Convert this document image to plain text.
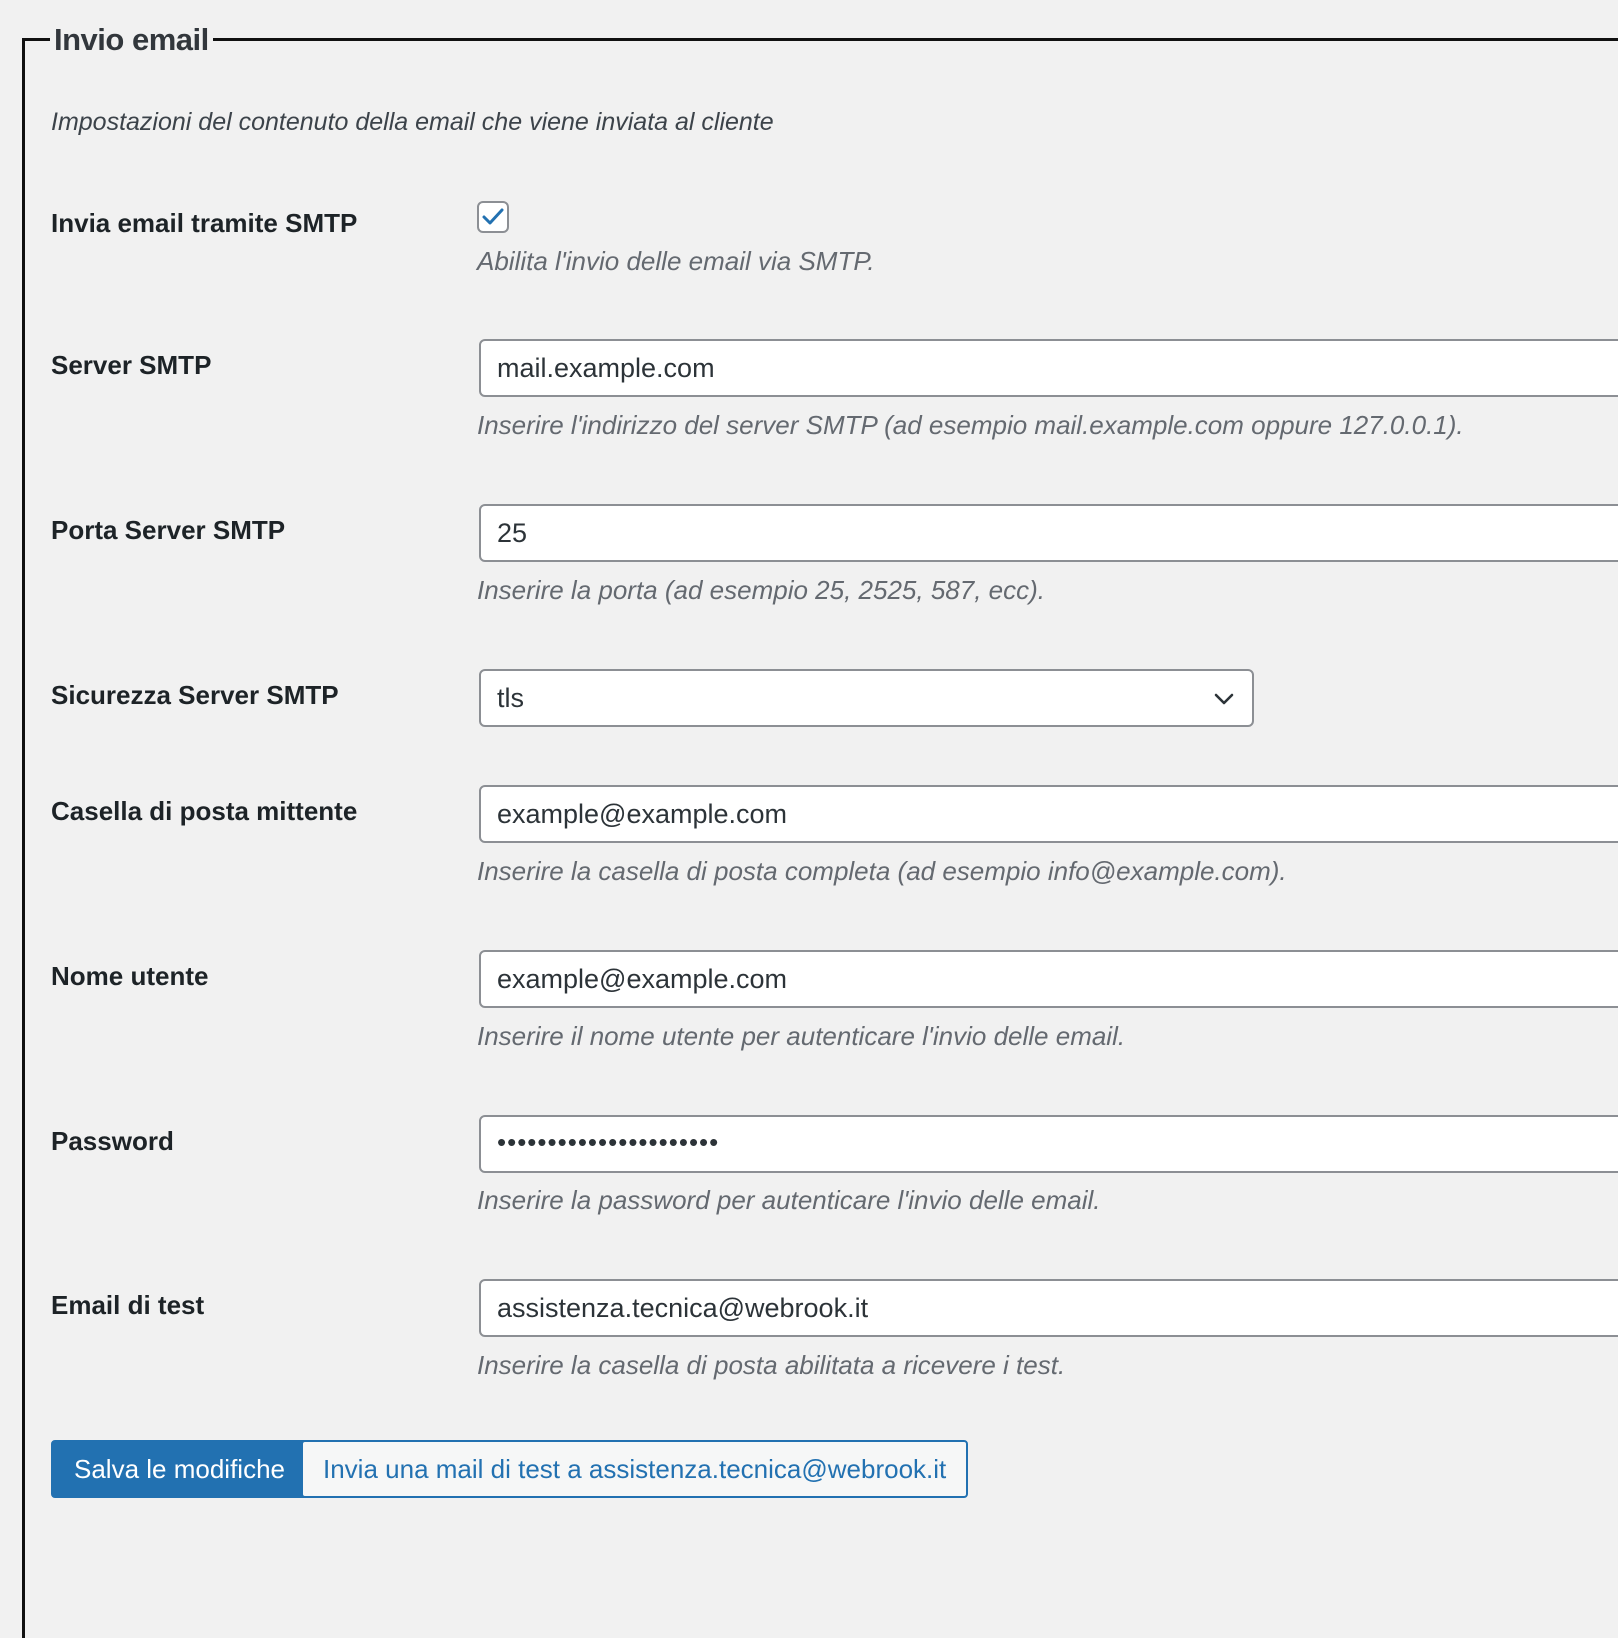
Invio email
Impostazioni del contenuto della email che viene inviata al cliente
Invia email tramite SMTP
Abilita l'invio delle email via SMTP.
Server SMTP	mail.example.com
Inserire l'indirizzo del server SMTP (ad esempio mail.example.com oppure 127.0.0.1).
Porta Server SMTP	25
Inserire la porta (ad esempio 25, 2525, 587, ecc).
Sicurezza Server SMTP	tls
Casella di posta mittente	example@example.com
Inserire la casella di posta completa (ad esempio info@example.com).
Nome utente	example@example.com
Inserire il nome utente per autenticare l'invio delle email.
Password	••••••••••••••••••••••
Inserire la password per autenticare l'invio delle email.
Email di test	assistenza.tecnica@webrook.it
Inserire la casella di posta abilitata a ricevere i test.
Salva le modifiche	Invia una mail di test a assistenza.tecnica@webrook.it
